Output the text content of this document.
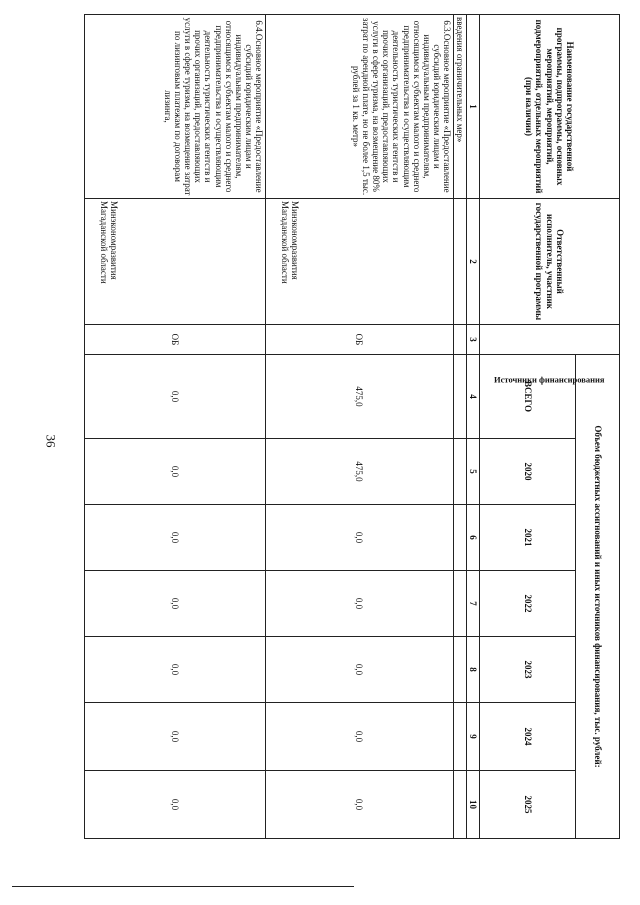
36
Наименование государственной программы, подпрограммы, основных мероприятий, мероприятий, подмероприятий, отдельных мероприятий (при наличии)	Ответственный исполнитель, участник государственной программы	Источники финансирования	Объем бюджетных ассигнований и иных источников финансирования, тыс. рублей:						
			ВСЕГО	2020	2021	2022	2023	2024	2025
1	2	3	4	5	6	7	8	9	10
введения ограничительных мер»									
6.3.Основное мероприятие «Предоставление субсидий юридическим лицам и индивидуальным предпринимателям, относящимся к субъектам малого и среднего предпринимательства и осуществляющим деятельность туристических агентств и прочих организаций, предоставляющих услуги в сфере туризма, на возмещение 80% затрат по арендной плате, но не более 1,5 тыс. рублей за 1 кв. метр»	Минэкономразвития Магаданской области	ОБ	475,0	475,0	0,0	0,0	0,0	0,0	0,0
6.4.Основное мероприятие «Предоставление субсидий юридическим лицам и индивидуальным предпринимателям, относящимся к субъектам малого и среднего предпринимательства и осуществляющим деятельность туристических агентств и прочих организаций, предоставляющих услуги в сфере туризма, на возмещение затрат по лизинговым платежам по договорам лизинга,	Минэкономразвития Магаданской области	ОБ	0,0	0,0	0,0	0,0	0,0	0,0	0,0
